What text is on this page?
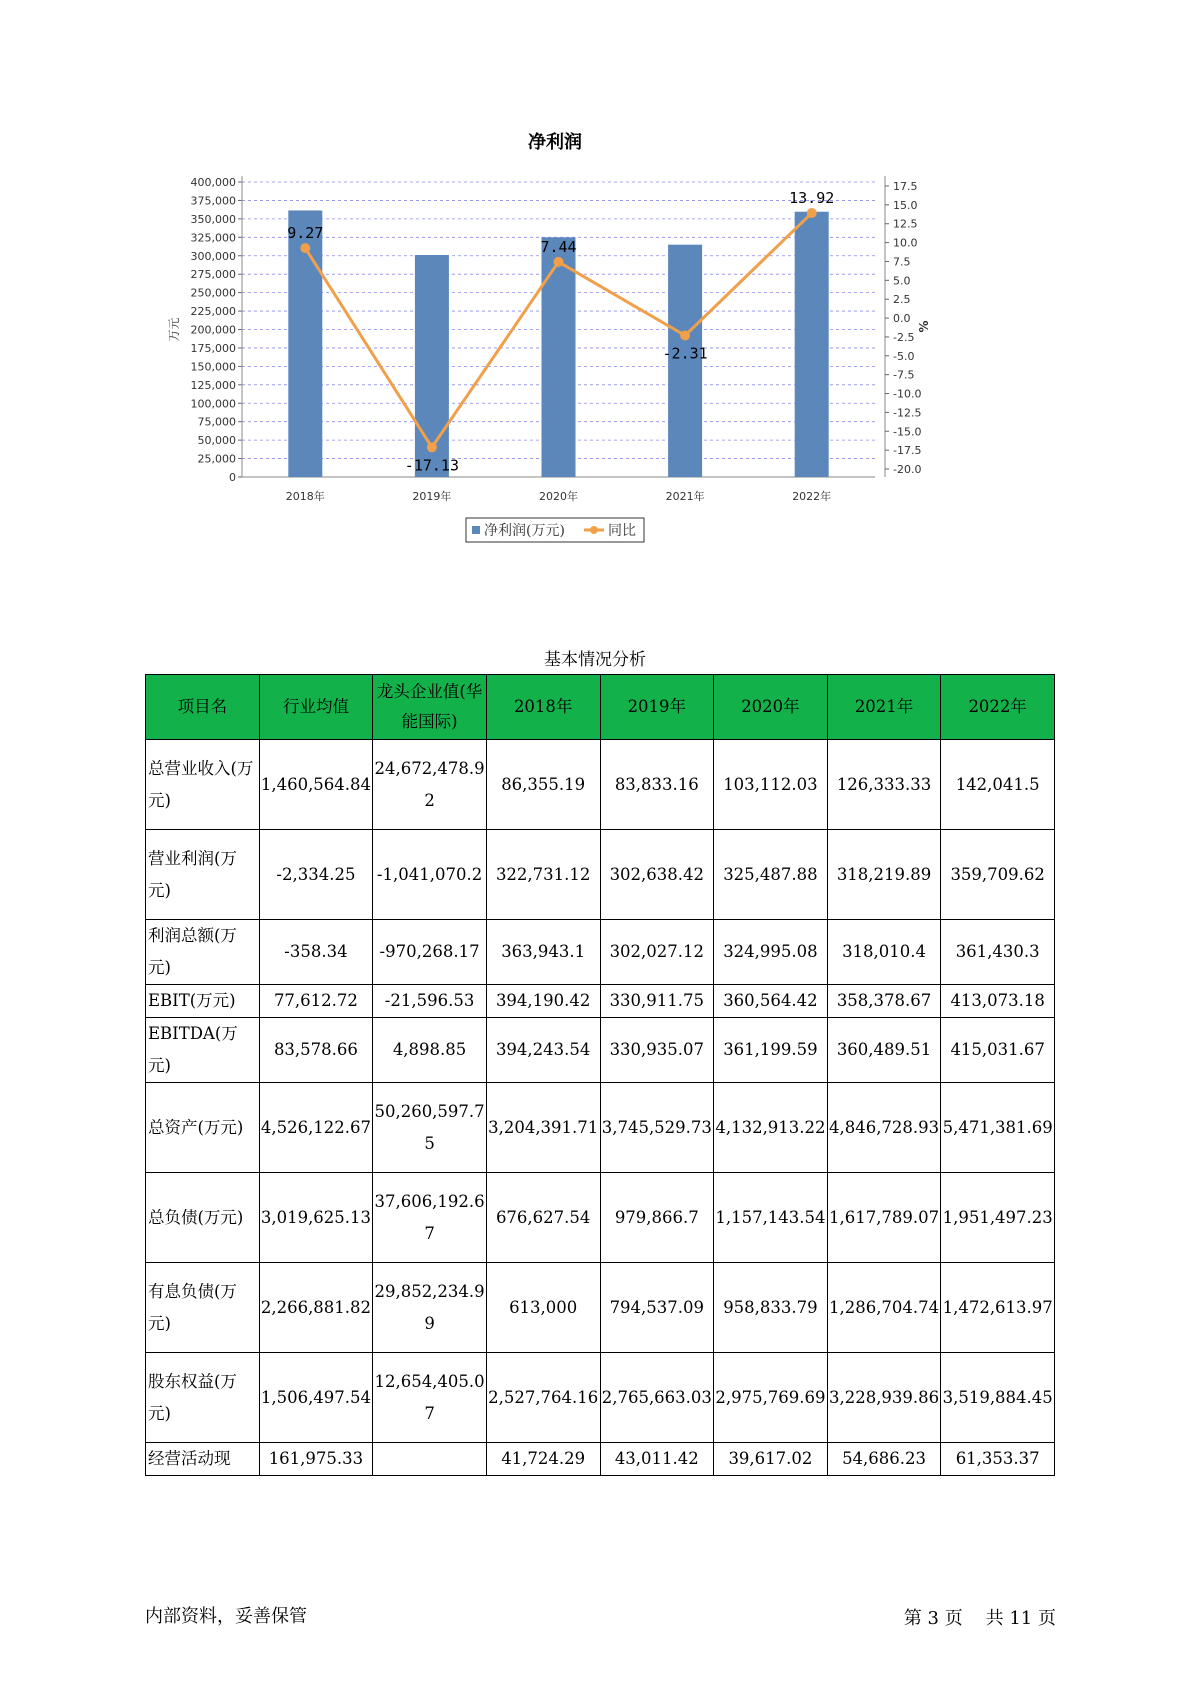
净利润
0
25,000
50,000
75,000
100,000
125,000
150,000
175,000
200,000
225,000
250,000
275,000
300,000
325,000
350,000
375,000
400,000
-20.0
-17.5
-15.0
-12.5
-10.0
-7.5
-5.0
-2.5
0.0
2.5
5.0
7.5
10.0
12.5
15.0
17.5
万元	%
2018年	2019年	2020年	2021年	2022年
9.27
-17.13
7.44
-2.31
13.92
净利润(万元)	同比
基本情况分析
项目名	行业均值	龙头企业值(华能国际)	2018年	2019年	2020年	2021年	2022年
总营业收入(万元)	1,460,564.84	24,672,478.92	86,355.19	83,833.16	103,112.03	126,333.33	142,041.5
营业利润(万元)	-2,334.25	-1,041,070.2	322,731.12	302,638.42	325,487.88	318,219.89	359,709.62
利润总额(万元)	-358.34	-970,268.17	363,943.1	302,027.12	324,995.08	318,010.4	361,430.3
EBIT(万元)	77,612.72	-21,596.53	394,190.42	330,911.75	360,564.42	358,378.67	413,073.18
EBITDA(万元)	83,578.66	4,898.85	394,243.54	330,935.07	361,199.59	360,489.51	415,031.67
总资产(万元)	4,526,122.67	50,260,597.75	3,204,391.71	3,745,529.73	4,132,913.22	4,846,728.93	5,471,381.69
总负债(万元)	3,019,625.13	37,606,192.67	676,627.54	979,866.7	1,157,143.54	1,617,789.07	1,951,497.23
有息负债(万元)	2,266,881.82	29,852,234.99	613,000	794,537.09	958,833.79	1,286,704.74	1,472,613.97
股东权益(万元)	1,506,497.54	12,654,405.07	2,527,764.16	2,765,663.03	2,975,769.69	3,228,939.86	3,519,884.45
经营活动现	161,975.33		41,724.29	43,011.42	39,617.02	54,686.23	61,353.37
内部资料，妥善保管	第 3 页 共 11 页
